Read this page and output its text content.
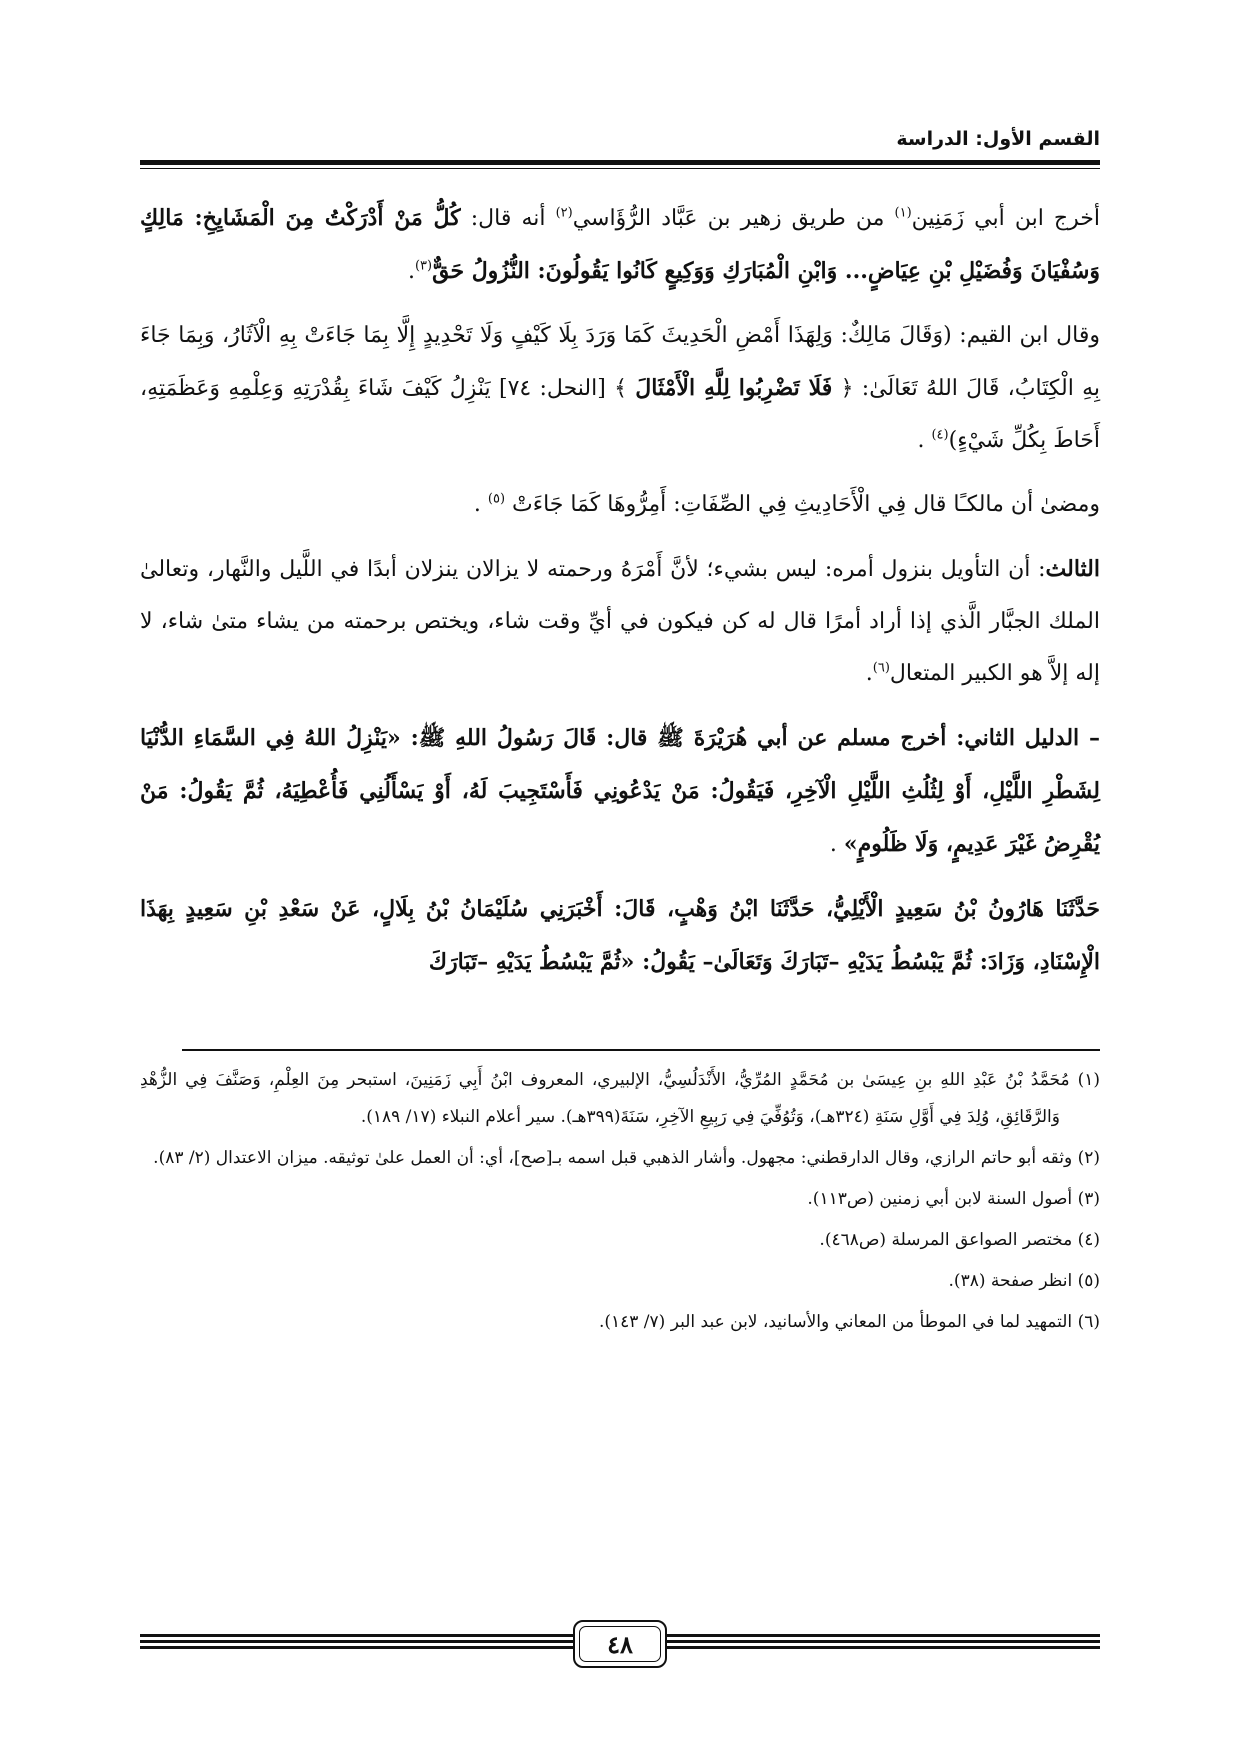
القسم الأول: الدراسة

أخرج ابن أبي زَمَنِين$^{(١)}$ من طريق زهير بن عَبَّاد الرُّؤَاسي$^{(٢)}$ أنه قال: كُلُّ مَنْ أَدْرَكْتُ مِنَ الْمَشَايِخِ: مَالِكٍ وَسُفْيَانَ وَفُضَيْلِ بْنِ عِيَاضٍ... وَابْنِ الْمُبَارَكِ وَوَكِيعٍ كَانُوا يَقُولُونَ: النُّزُولُ حَقٌّ$^{(٣)}$.

وقال ابن القيم: (وَقَالَ مَالِكٌ: وَلِهَذَا أَمْضِ الْحَدِيثَ كَمَا وَرَدَ بِلَا كَيْفٍ وَلَا تَحْدِيدٍ إِلَّا بِمَا جَاءَتْ بِهِ الْآثَارُ، وَبِمَا جَاءَ بِهِ الْكِتَابُ، قَالَ اللهُ تَعَالَىٰ: ﴿ فَلَا تَضْرِبُوا لِلَّهِ الْأَمْثَالَ ﴾ [النحل: ٧٤] يَنْزِلُ كَيْفَ شَاءَ بِقُدْرَتِهِ وَعِلْمِهِ وَعَظَمَتِهِ، أَحَاطَ بِكُلِّ شَيْءٍ)$^{(٤)}$ .

ومضىٰ أن مالكـًا قال فِي الْأَحَادِيثِ فِي الصِّفَاتِ: أَمِرُّوهَا كَمَا جَاءَتْ $^{(٥)}$ .

الثالث: أن التأويل بنزول أمره: ليس بشيء؛ لأنَّ أَمْرَهُ ورحمته لا يزالان ينزلان أبدًا في اللَّيل والنَّهار، وتعالىٰ الملك الجبَّار الَّذي إذا أراد أمرًا قال له كن فيكون في أيِّ وقت شاء، ويختص برحمته من يشاء متىٰ شاء، لا إله إلاَّ هو الكبير المتعال$^{(٦)}$.

– الدليل الثاني: أخرج مسلم عن أبي هُرَيْرَةَ ﷺ قال: قَالَ رَسُولُ اللهِ ﷺ: «يَنْزِلُ اللهُ فِي السَّمَاءِ الدُّنْيَا لِشَطْرِ اللَّيْلِ، أَوْ لِثُلُثِ اللَّيْلِ الْآخِرِ، فَيَقُولُ: مَنْ يَدْعُونِي فَأَسْتَجِيبَ لَهُ، أَوْ يَسْأَلُنِي فَأُعْطِيَهُ، ثُمَّ يَقُولُ: مَنْ يُقْرِضُ غَيْرَ عَدِيمٍ، وَلَا ظَلُومٍ» .

حَدَّثَنَا هَارُونُ بْنُ سَعِيدٍ الْأَيْلِيُّ، حَدَّثَنَا ابْنُ وَهْبٍ، قَالَ: أَخْبَرَنِي سُلَيْمَانُ بْنُ بِلَالٍ، عَنْ سَعْدِ بْنِ سَعِيدٍ بِهَذَا الْإِسْنَادِ، وَزَادَ: ثُمَّ يَبْسُطُ يَدَيْهِ –تَبَارَكَ وَتَعَالَىٰ– يَقُولُ: «ثُمَّ يَبْسُطُ يَدَيْهِ –تَبَارَكَ

(١) مُحَمَّدُ بْنُ عَبْدِ اللهِ بنِ عِيسَىٰ بن مُحَمَّدٍ المُرِّيُّ، الأَنْدَلُسِيُّ، الإلبيري، المعروف ابْنُ أَبِي زَمَنِينَ، استبحر مِنَ العِلْمِ، وَصَنَّفَ فِي الزُّهْدِ وَالرَّقَائِقِ، وُلِدَ فِي أَوَّلِ سَنَةِ (٣٢٤هـ)، وَتُوُفِّيَ فِي رَبِيعِ الآخِرِ، سَنَةَ(٣٩٩هـ). سير أعلام النبلاء (١٧/ ١٨٩).

(٢) وثقه أبو حاتم الرازي، وقال الدارقطني: مجهول. وأشار الذهبي قبل اسمه بـ[صح]، أي: أن العمل علىٰ توثيقه. ميزان الاعتدال (٢/ ٨٣).

(٣) أصول السنة لابن أبي زمنين (ص١١٣).

(٤) مختصر الصواعق المرسلة (ص٤٦٨).

(٥) انظر صفحة (٣٨).

(٦) التمهيد لما في الموطأ من المعاني والأسانيد، لابن عبد البر (٧/ ١٤٣).

٤٨
